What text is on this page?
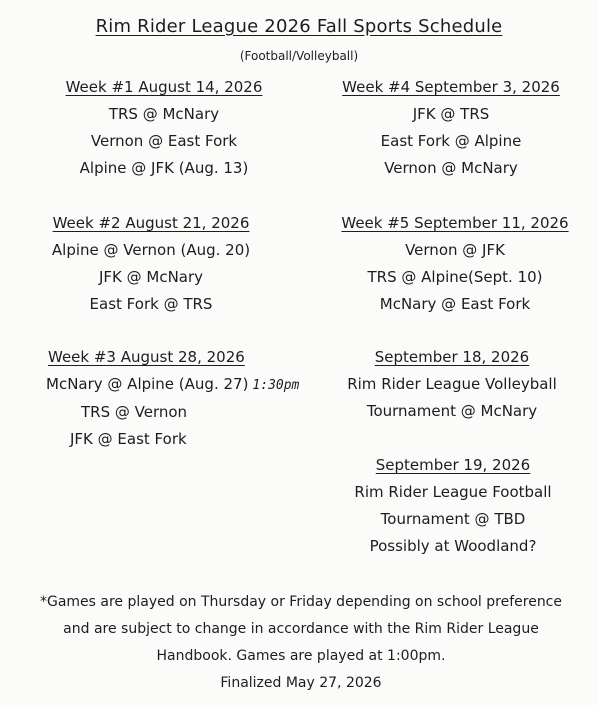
Rim Rider League 2026 Fall Sports Schedule
(Football/Volleyball)
Week #1 August 14, 2026
TRS @ McNary
Vernon @ East Fork
Alpine @ JFK (Aug. 13)
Week #2 August 21, 2026
Alpine @ Vernon (Aug. 20)
JFK @ McNary
East Fork @ TRS
Week #3 August 28, 2026
McNary @ Alpine (Aug. 27) 1:30pm
TRS @ Vernon
JFK @ East Fork
Week #4 September 3, 2026
JFK @ TRS
East Fork @ Alpine
Vernon @ McNary
Week #5 September 11, 2026
Vernon @ JFK
TRS @ Alpine(Sept. 10)
McNary @ East Fork
September 18, 2026
Rim Rider League Volleyball
Tournament @ McNary
September 19, 2026
Rim Rider League Football
Tournament @ TBD
Possibly at Woodland?
*Games are played on Thursday or Friday depending on school preference
and are subject to change in accordance with the Rim Rider League
Handbook. Games are played at 1:00pm.
Finalized May 27, 2026
